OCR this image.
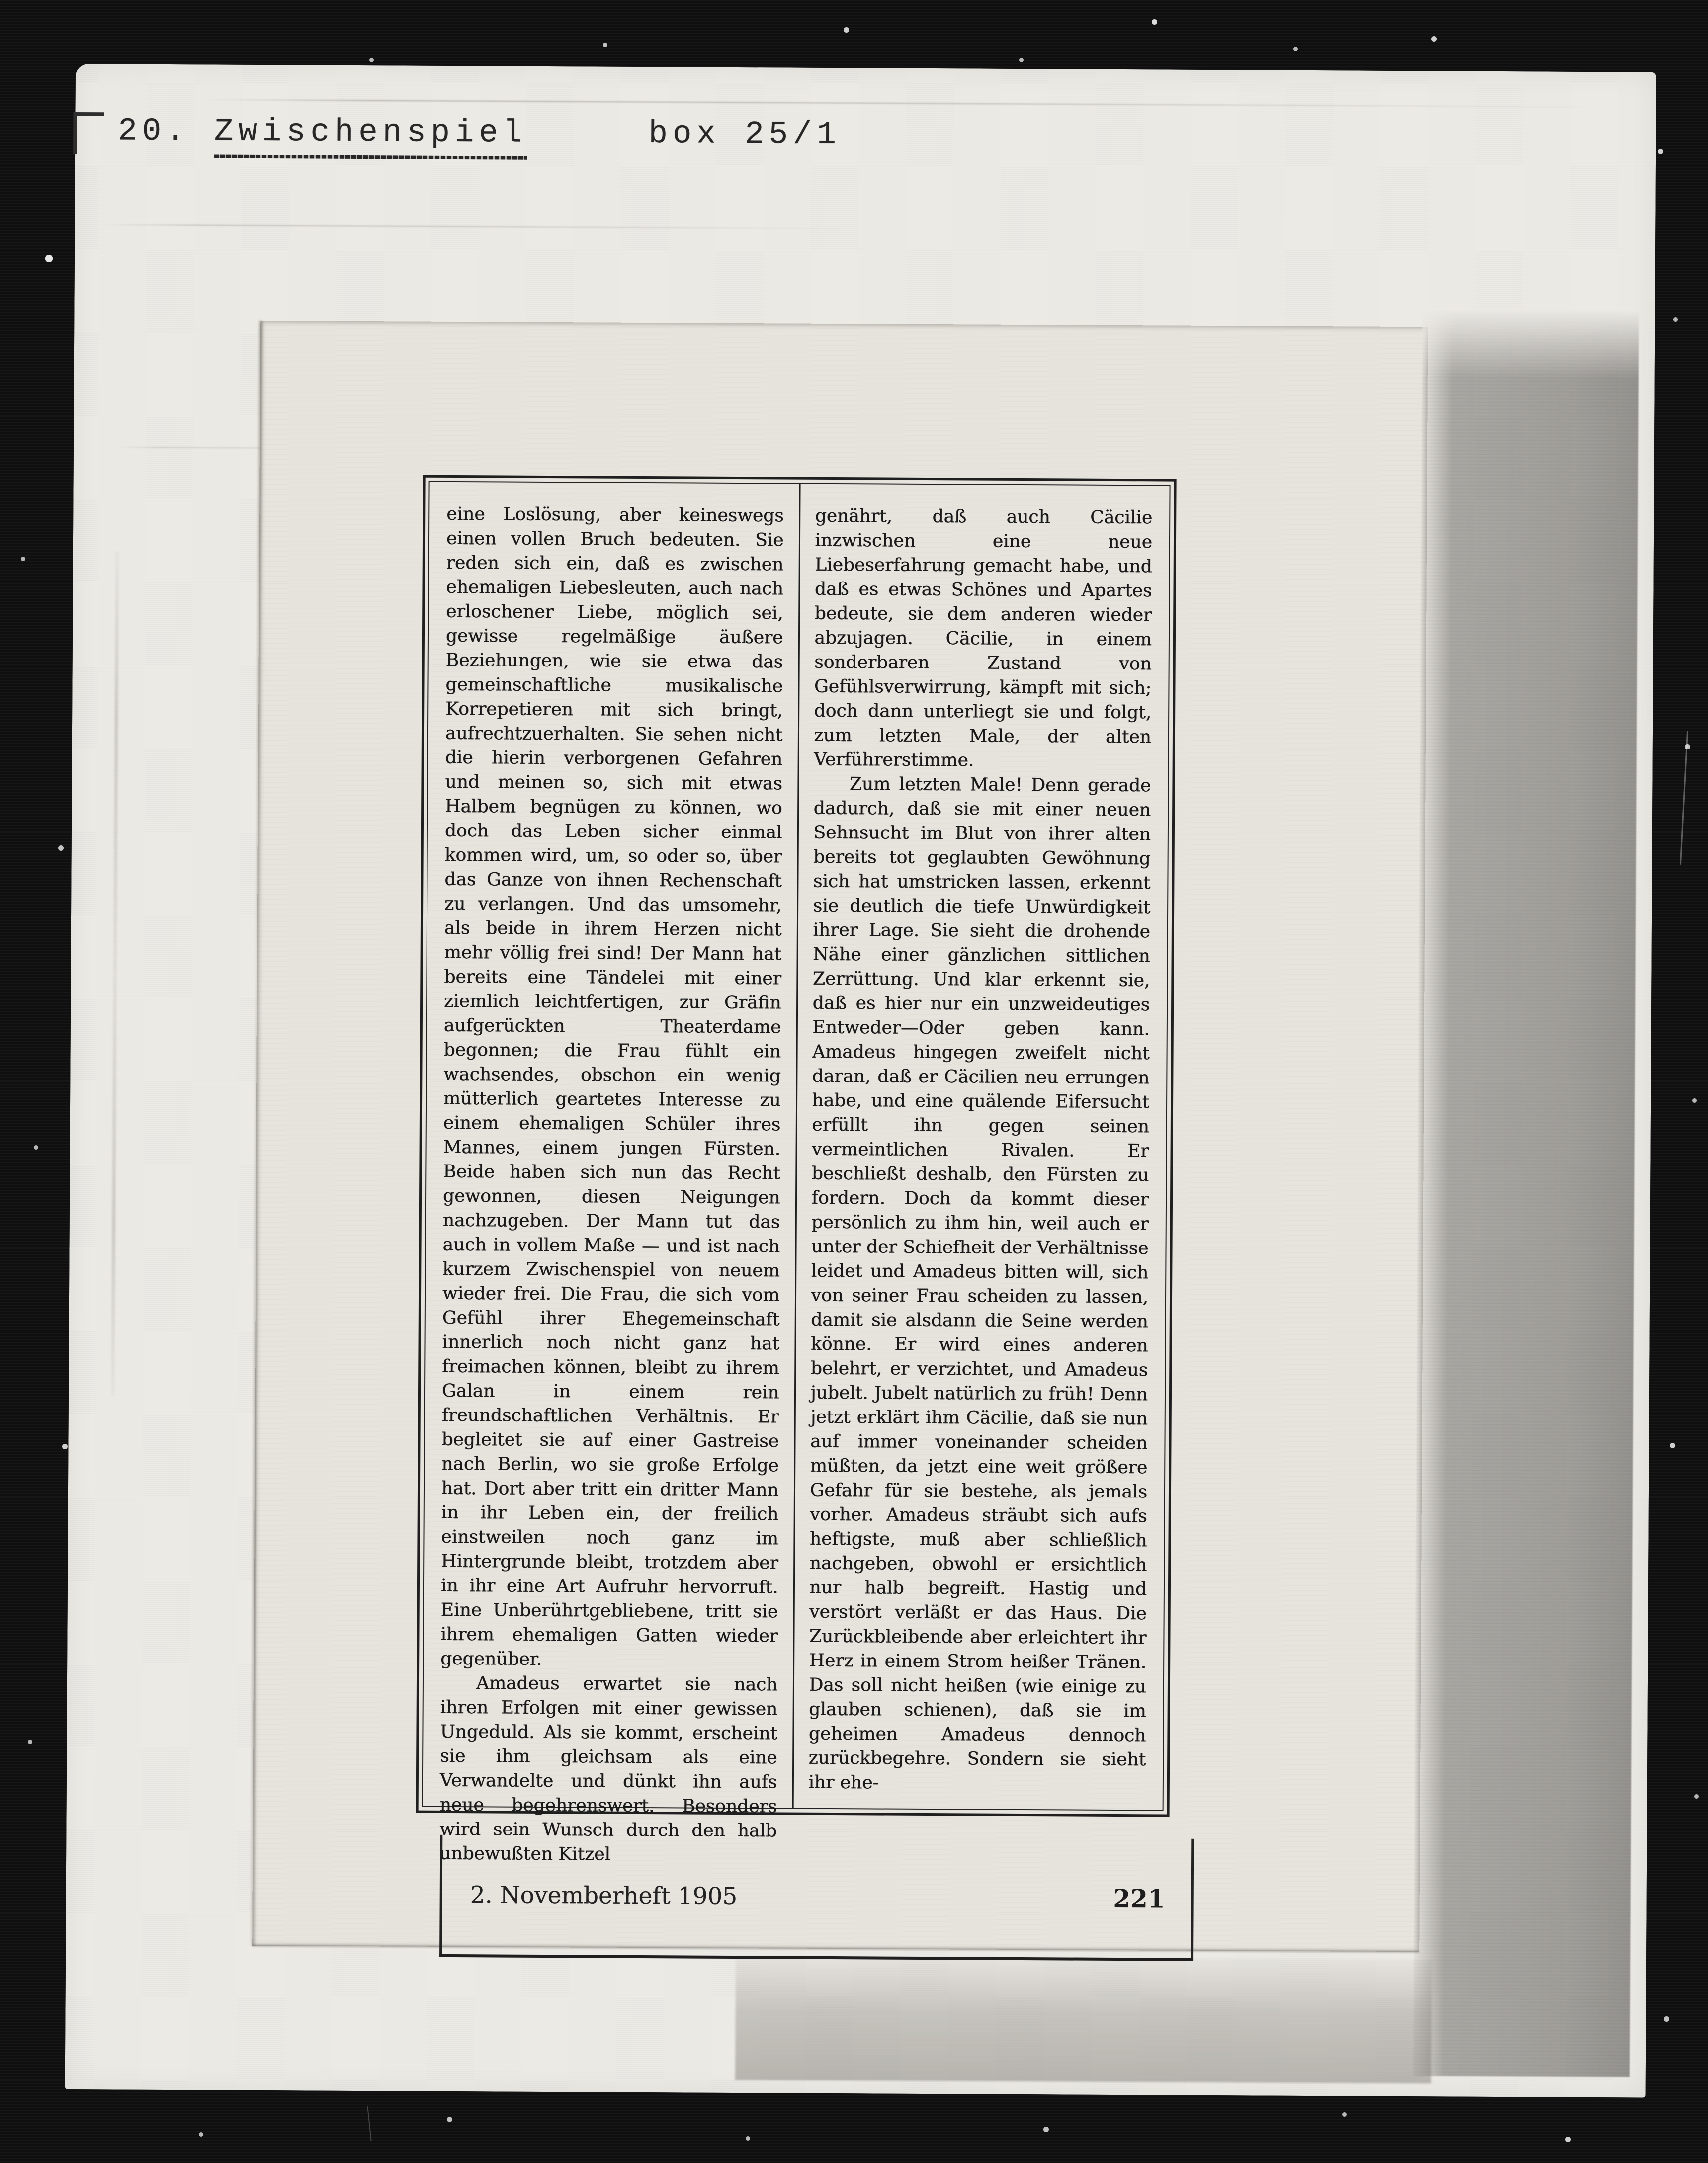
20. Zwischenspiel	box 25/1
eine Loslösung, aber keineswegs einen vollen Bruch bedeuten. Sie reden sich ein, daß es zwischen ehemaligen Liebesleuten, auch nach erloschener Liebe, möglich sei, gewisse regelmäßige äußere Beziehungen, wie sie etwa das gemeinschaftliche musikalische Korrepetieren mit sich bringt, aufrechtzuerhalten. Sie sehen nicht die hierin verborgenen Gefahren und meinen so, sich mit etwas Halbem begnügen zu können, wo doch das Leben sicher einmal kommen wird, um, so oder so, über das Ganze von ihnen Rechenschaft zu verlangen. Und das umsomehr, als beide in ihrem Herzen nicht mehr völlig frei sind! Der Mann hat bereits eine Tändelei mit einer ziemlich leichtfertigen, zur Gräfin aufgerückten Theaterdame begonnen; die Frau fühlt ein wachsendes, obschon ein wenig mütterlich geartetes Interesse zu einem ehemaligen Schüler ihres Mannes, einem jungen Fürsten. Beide haben sich nun das Recht gewonnen, diesen Neigungen nachzugeben. Der Mann tut das auch in vollem Maße — und ist nach kurzem Zwischenspiel von neuem wieder frei. Die Frau, die sich vom Gefühl ihrer Ehegemeinschaft innerlich noch nicht ganz hat freimachen können, bleibt zu ihrem Galan in einem rein freundschaftlichen Verhältnis. Er begleitet sie auf einer Gastreise nach Berlin, wo sie große Erfolge hat. Dort aber tritt ein dritter Mann in ihr Leben ein, der freilich einstweilen noch ganz im Hintergrunde bleibt, trotzdem aber in ihr eine Art Aufruhr hervorruft. Eine Unberührtgebliebene, tritt sie ihrem ehemaligen Gatten wieder gegenüber.
Amadeus erwartet sie nach ihren Erfolgen mit einer gewissen Ungeduld. Als sie kommt, erscheint sie ihm gleichsam als eine Verwandelte und dünkt ihn aufs neue begehrenswert. Besonders wird sein Wunsch durch den halb unbewußten Kitzel
genährt, daß auch Cäcilie inzwischen eine neue Liebeserfahrung gemacht habe, und daß es etwas Schönes und Apartes bedeute, sie dem anderen wieder abzujagen. Cäcilie, in einem sonderbaren Zustand von Gefühlsverwirrung, kämpft mit sich; doch dann unterliegt sie und folgt, zum letzten Male, der alten Verführerstimme.
Zum letzten Male! Denn gerade dadurch, daß sie mit einer neuen Sehnsucht im Blut von ihrer alten bereits tot geglaubten Gewöhnung sich hat umstricken lassen, erkennt sie deutlich die tiefe Unwürdigkeit ihrer Lage. Sie sieht die drohende Nähe einer gänzlichen sittlichen Zerrüttung. Und klar erkennt sie, daß es hier nur ein unzweideutiges Entweder—Oder geben kann. Amadeus hingegen zweifelt nicht daran, daß er Cäcilien neu errungen habe, und eine quälende Eifersucht erfüllt ihn gegen seinen vermeintlichen Rivalen. Er beschließt deshalb, den Fürsten zu fordern. Doch da kommt dieser persönlich zu ihm hin, weil auch er unter der Schiefheit der Verhältnisse leidet und Amadeus bitten will, sich von seiner Frau scheiden zu lassen, damit sie alsdann die Seine werden könne. Er wird eines anderen belehrt, er verzichtet, und Amadeus jubelt. Jubelt natürlich zu früh! Denn jetzt erklärt ihm Cäcilie, daß sie nun auf immer voneinander scheiden müßten, da jetzt eine weit größere Gefahr für sie bestehe, als jemals vorher. Amadeus sträubt sich aufs heftigste, muß aber schließlich nachgeben, obwohl er ersichtlich nur halb begreift. Hastig und verstört verläßt er das Haus. Die Zurückbleibende aber erleichtert ihr Herz in einem Strom heißer Tränen. Das soll nicht heißen (wie einige zu glauben schienen), daß sie im geheimen Amadeus dennoch zurückbegehre. Sondern sie sieht ihr ehe-
2. Novemberheft 1905	221
